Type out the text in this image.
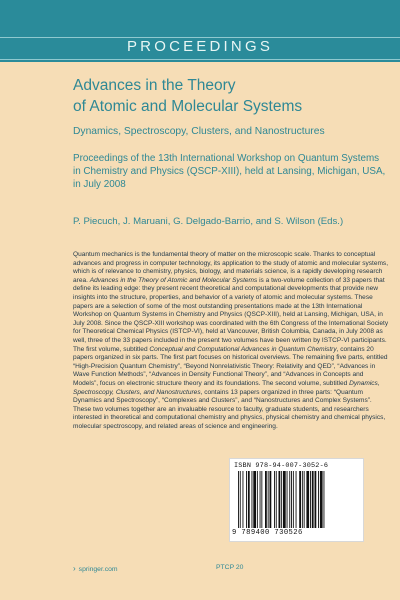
PROCEEDINGS
Advances in the Theory
of Atomic and Molecular Systems
Dynamics, Spectroscopy, Clusters, and Nanostructures
Proceedings of the 13th International Workshop on Quantum Systems
in Chemistry and Physics (QSCP-XIII), held at Lansing, Michigan, USA,
in July 2008
P. Piecuch, J. Maruani, G. Delgado-Barrio, and S. Wilson (Eds.)

Quantum mechanics is the fundamental theory of matter on the microscopic scale. Thanks to conceptual advances and progress in computer technology, its application to the study of atomic and molecular systems, which is of relevance to chemistry, physics, biology, and materials science, is a rapidly developing research area. Advances in the Theory of Atomic and Molecular Systems is a two-volume collection of 33 papers that define its leading edge: they present recent theoretical and computational developments that provide new insights into the structure, properties, and behavior of a variety of atomic and molecular systems. These papers are a selection of some of the most outstanding presentations made at the 13th International Workshop on Quantum Systems in Chemistry and Physics (QSCP-XIII), held at Lansing, Michigan, USA, in July 2008. Since the QSCP-XIII workshop was coordinated with the 6th Congress of the International Society for Theoretical Chemical Physics (ISTCP-VI), held at Vancouver, British Columbia, Canada, in July 2008 as well, three of the 33 papers included in the present two volumes have been written by ISTCP-VI participants.

The first volume, subtitled Conceptual and Computational Advances in Quantum Chemistry, contains 20 papers organized in six parts. The first part focuses on historical overviews. The remaining five parts, entitled “High-Precision Quantum Chemistry”, “Beyond Nonrelativistic Theory: Relativity and QED”, “Advances in Wave Function Methods”, “Advances in Density Functional Theory”, and “Advances in Concepts and Models”, focus on electronic structure theory and its foundations. The second volume, subtitled Dynamics, Spectroscopy, Clusters, and Nanostructures, contains 13 papers organized in three parts: “Quantum Dynamics and Spectroscopy”, “Complexes and Clusters”, and “Nanostructures and Complex Systems”. These two volumes together are an invaluable resource to faculty, graduate students, and researchers interested in theoretical and computational chemistry and physics, physical chemistry and chemical physics, molecular spectroscopy, and related areas of science and engineering.

ISBN 978-94-007-3052-6
9 789400 730526
› springer.com	PTCP 20
